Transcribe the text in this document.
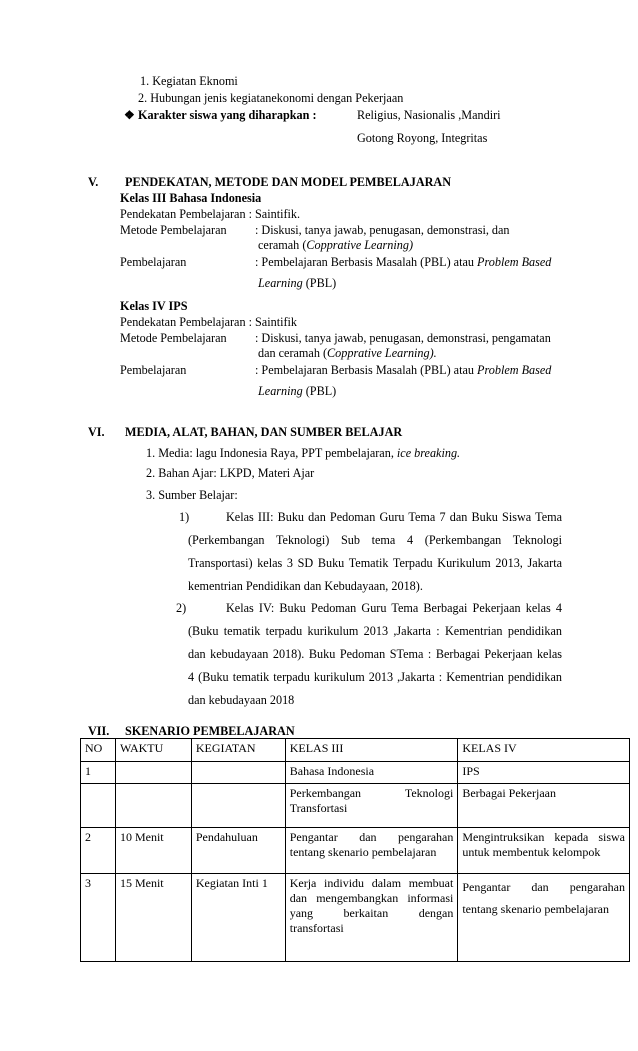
1. Kegiatan Eknomi
2. Hubungan jenis kegiatanekonomi dengan Pekerjaan
❖ Karakter siswa yang diharapkan :	Religius, Nasionalis ,Mandiri
Gotong Royong, Integritas
V. PENDEKATAN, METODE DAN MODEL PEMBELAJARAN
Kelas III Bahasa Indonesia
Pendekatan Pembelajaran : Saintifik.
Metode Pembelajaran : Diskusi, tanya jawab, penugasan, demonstrasi, dan
ceramah (Copprative Learning)
Pembelajaran	: Pembelajaran Berbasis Masalah (PBL) atau Problem Based
Learning (PBL)
Kelas IV IPS
Pendekatan Pembelajaran : Saintifik
Metode Pembelajaran : Diskusi, tanya jawab, penugasan, demonstrasi, pengamatan
dan ceramah (Copprative Learning).
Pembelajaran	: Pembelajaran Berbasis Masalah (PBL) atau Problem Based
Learning (PBL)
VI. MEDIA, ALAT, BAHAN, DAN SUMBER BELAJAR
1. Media: lagu Indonesia Raya, PPT pembelajaran, ice breaking.
2. Bahan Ajar: LKPD, Materi Ajar
3. Sumber Belajar:
1)	Kelas III: Buku dan Pedoman Guru Tema 7 dan Buku Siswa Tema
(Perkembangan Teknologi) Sub tema 4 (Perkembangan Teknologi
Transportasi) kelas 3 SD Buku Tematik Terpadu Kurikulum 2013, Jakarta
kementrian Pendidikan dan Kebudayaan, 2018).
2)	Kelas IV: Buku Pedoman Guru Tema Berbagai Pekerjaan kelas 4
(Buku tematik terpadu kurikulum 2013 ,Jakarta : Kementrian pendidikan
dan kebudayaan 2018). Buku Pedoman STema : Berbagai Pekerjaan kelas
4 (Buku tematik terpadu kurikulum 2013 ,Jakarta : Kementrian pendidikan
dan kebudayaan 2018
VII. SKENARIO PEMBELAJARAN
NO	WAKTU	KEGIATAN	KELAS III	KELAS IV
1			Bahasa Indonesia	IPS
			Perkembangan Teknologi Transfortasi	Berbagai Pekerjaan
2	10 Menit	Pendahuluan	Pengantar dan pengarahan tentang skenario pembelajaran	Mengintruksikan kepada siswa untuk membentuk kelompok
3	15 Menit	Kegiatan Inti 1	Kerja individu dalam membuat dan mengembangkan informasi yang berkaitan dengan transfortasi	Pengantar dan pengarahan tentang skenario pembelajaran
